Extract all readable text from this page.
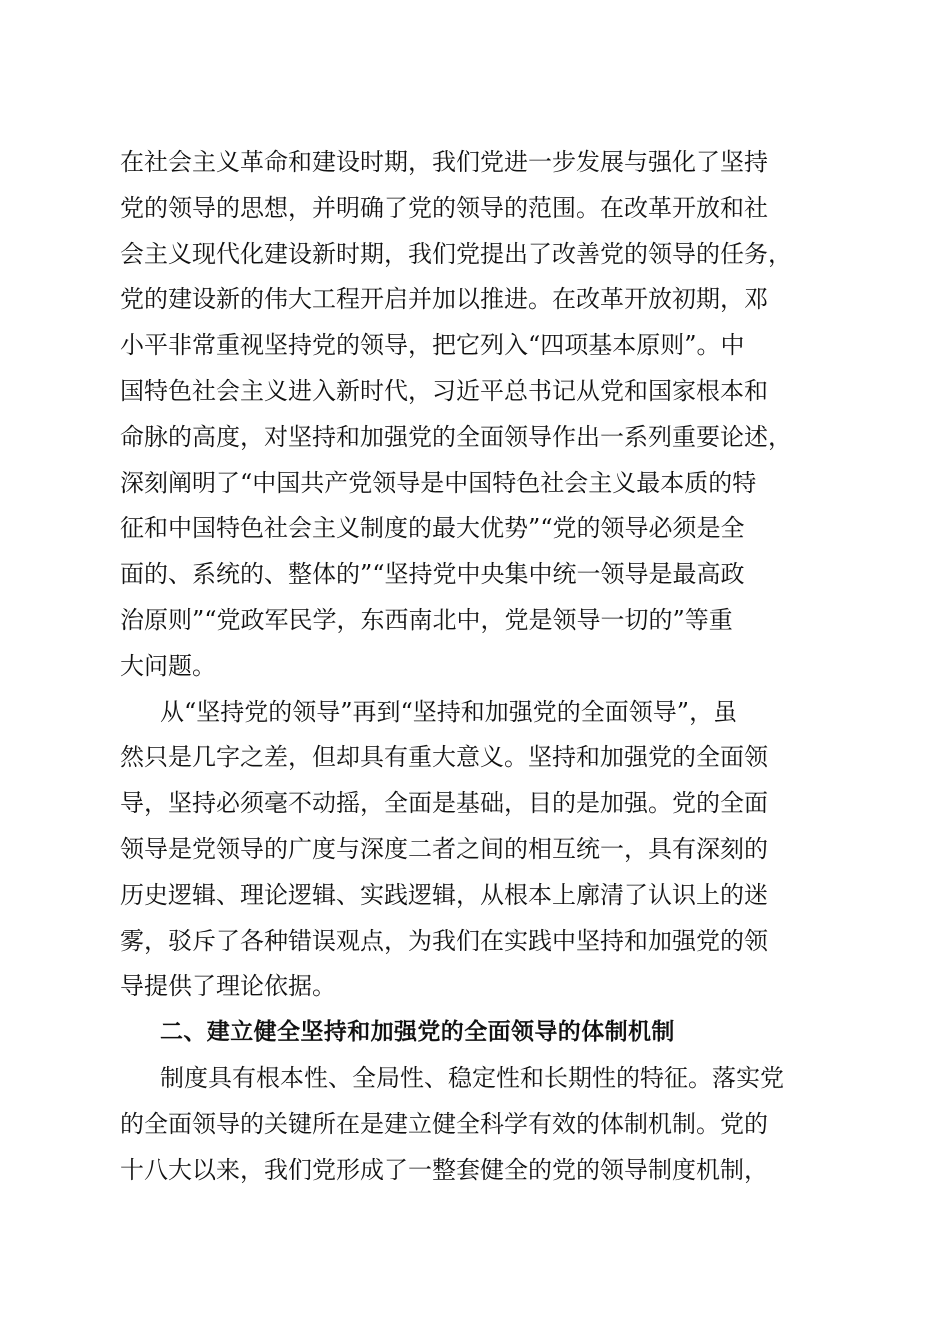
在社会主义革命和建设时期，我们党进一步发展与强化了坚持
党的领导的思想，并明确了党的领导的范围。在改革开放和社
会主义现代化建设新时期，我们党提出了改善党的领导的任务，
党的建设新的伟大工程开启并加以推进。在改革开放初期，邓
小平非常重视坚持党的领导，把它列入“四项基本原则”。中
国特色社会主义进入新时代，习近平总书记从党和国家根本和
命脉的高度，对坚持和加强党的全面领导作出一系列重要论述，
深刻阐明了“中国共产党领导是中国特色社会主义最本质的特
征和中国特色社会主义制度的最大优势”“党的领导必须是全
面的、系统的、整体的”“坚持党中央集中统一领导是最高政
治原则”“党政军民学，东西南北中，党是领导一切的”等重
大问题。
从“坚持党的领导”再到“坚持和加强党的全面领导”，虽
然只是几字之差，但却具有重大意义。坚持和加强党的全面领
导，坚持必须毫不动摇，全面是基础，目的是加强。党的全面
领导是党领导的广度与深度二者之间的相互统一，具有深刻的
历史逻辑、理论逻辑、实践逻辑，从根本上廓清了认识上的迷
雾，驳斥了各种错误观点，为我们在实践中坚持和加强党的领
导提供了理论依据。
二、建立健全坚持和加强党的全面领导的体制机制
制度具有根本性、全局性、稳定性和长期性的特征。落实党
的全面领导的关键所在是建立健全科学有效的体制机制。党的
十八大以来，我们党形成了一整套健全的党的领导制度机制，
